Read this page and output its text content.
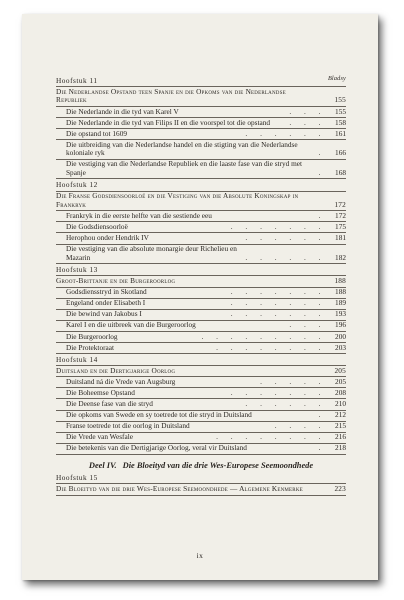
Bladsy
Hoofstuk 11
Die Nederlandse Opstand teen Spanje en die Opkoms van die Nederlandse Republiek	155
Die Nederlande in die tyd van Karel V	. . .	155
Die Nederlande in die tyd van Filips II en die voorspel tot die opstand	. . .	158
Die opstand tot 1609	. . . . . .	161
Die uitbreiding van die Nederlandse handel en die stigting van die Nederlandse koloniale ryk	.	166
Die vestiging van die Nederlandse Republiek en die laaste fase van die stryd met Spanje	.	168
Hoofstuk 12
Die Franse Godsdiensoorloë en die Vestiging van die Absolute Koningskap in Frankryk	172
Frankryk in die eerste helfte van die sestiende eeu	.	172
Die Godsdiensoorloë	. . . . . . .	175
Herophou onder Hendrik IV	. . . . . .	181
Die vestiging van die absolute monargie deur Richelieu en Mazarin	. . . . . .	182
Hoofstuk 13
Groot-Brittanje en die Burgeroorlog	188
Godsdiensstryd in Skotland	. . . . . . .	188
Engeland onder Elisabeth I	. . . . . . .	189
Die bewind van Jakobus I	. . . . . . .	193
Karel I en die uitbreek van die Burgeroorlog	. . .	196
Die Burgeroorlog	. . . . . . . . .	200
Die Protektoraat	. . . . . . . .	203
Hoofstuk 14
Duitsland en die Dertigjarige Oorlog	205
Duitsland ná die Vrede van Augsburg	. . . . .	205
Die Boheemse Opstand	. . . . . . .	208
Die Deense fase van die stryd	. . . . . .	210
Die opkoms van Swede en sy toetrede tot die stryd in Duitsland	.	212
Franse toetrede tot die oorlog in Duitsland	. . . .	215
Die Vrede van Wesfale	. . . . . . . .	216
Die betekenis van die Dertigjarige Oorlog, veral vir Duitsland	.	218
Deel IV. Die Bloeityd van die drie Wes-Europese Seemoondhede
Hoofstuk 15
Die Bloeityd van die drie Wes-Europese Seemoondhede — Algemene Kenmerke	223
ix
